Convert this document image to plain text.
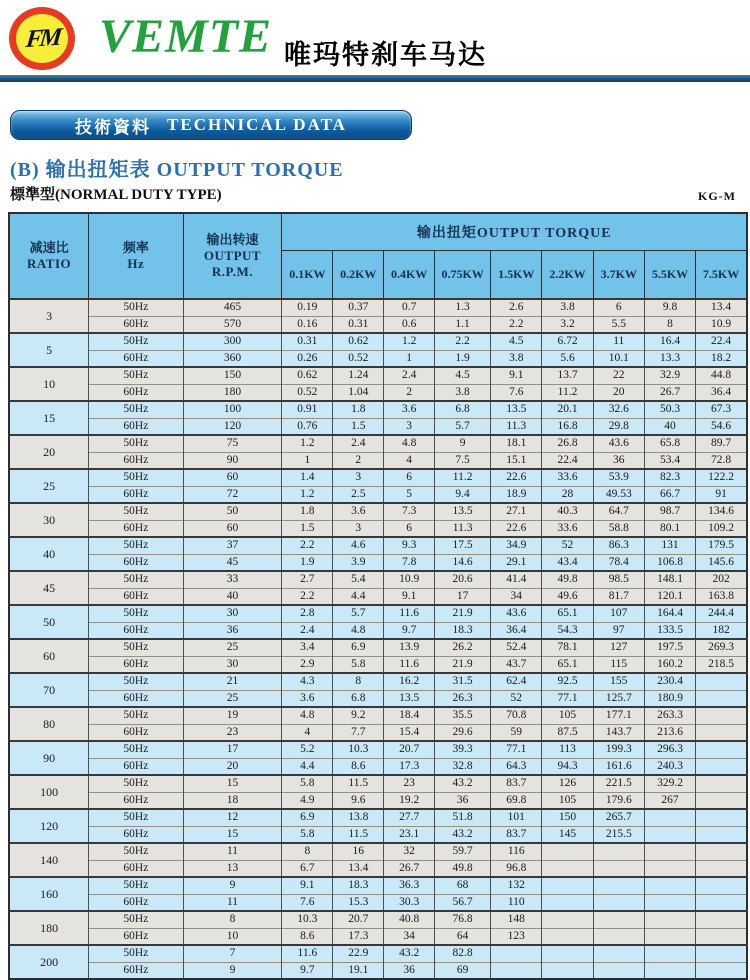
FM VEMTE 唯玛特刹车马达
技術資料 TECHNICAL DATA
(B) 输出扭矩表 OUTPUT TORQUE
標準型(NORMAL DUTY TYPE)	KG-M
减速比
RATIO

频率
Hz

输出转速
OUTPUT
R.P.M.
	输出扭矩OUTPUT TORQUE
			0.1KW	0.2KW	0.4KW	0.75KW	1.5KW	2.2KW	3.7KW	5.5KW	7.5KW
3	50Hz	465	0.19	0.37	0.7	1.3	2.6	3.8	6	9.8	13.4
	60Hz	570	0.16	0.31	0.6	1.1	2.2	3.2	5.5	8	10.9
5	50Hz	300	0.31	0.62	1.2	2.2	4.5	6.72	11	16.4	22.4
	60Hz	360	0.26	0.52	1	1.9	3.8	5.6	10.1	13.3	18.2
10	50Hz	150	0.62	1.24	2.4	4.5	9.1	13.7	22	32.9	44.8
	60Hz	180	0.52	1.04	2	3.8	7.6	11.2	20	26.7	36.4
15	50Hz	100	0.91	1.8	3.6	6.8	13.5	20.1	32.6	50.3	67.3
	60Hz	120	0.76	1.5	3	5.7	11.3	16.8	29.8	40	54.6
20	50Hz	75	1.2	2.4	4.8	9	18.1	26.8	43.6	65.8	89.7
	60Hz	90	1	2	4	7.5	15.1	22.4	36	53.4	72.8
25	50Hz	60	1.4	3	6	11.2	22.6	33.6	53.9	82.3	122.2
	60Hz	72	1.2	2.5	5	9.4	18.9	28	49.53	66.7	91
30	50Hz	50	1.8	3.6	7.3	13.5	27.1	40.3	64.7	98.7	134.6
	60Hz	60	1.5	3	6	11.3	22.6	33.6	58.8	80.1	109.2
40	50Hz	37	2.2	4.6	9.3	17.5	34.9	52	86.3	131	179.5
	60Hz	45	1.9	3.9	7.8	14.6	29.1	43.4	78.4	106.8	145.6
45	50Hz	33	2.7	5.4	10.9	20.6	41.4	49.8	98.5	148.1	202
	60Hz	40	2.2	4.4	9.1	17	34	49.6	81.7	120.1	163.8
50	50Hz	30	2.8	5.7	11.6	21.9	43.6	65.1	107	164.4	244.4
	60Hz	36	2.4	4.8	9.7	18.3	36.4	54.3	97	133.5	182
60	50Hz	25	3.4	6.9	13.9	26.2	52.4	78.1	127	197.5	269.3
	60Hz	30	2.9	5.8	11.6	21.9	43.7	65.1	115	160.2	218.5
70	50Hz	21	4.3	8	16.2	31.5	62.4	92.5	155	230.4	
	60Hz	25	3.6	6.8	13.5	26.3	52	77.1	125.7	180.9	
80	50Hz	19	4.8	9.2	18.4	35.5	70.8	105	177.1	263.3	
	60Hz	23	4	7.7	15.4	29.6	59	87.5	143.7	213.6	
90	50Hz	17	5.2	10.3	20.7	39.3	77.1	113	199.3	296.3	
	60Hz	20	4.4	8.6	17.3	32.8	64.3	94.3	161.6	240.3	
100	50Hz	15	5.8	11.5	23	43.2	83.7	126	221.5	329.2	
	60Hz	18	4.9	9.6	19.2	36	69.8	105	179.6	267	
120	50Hz	12	6.9	13.8	27.7	51.8	101	150	265.7		
	60Hz	15	5.8	11.5	23.1	43.2	83.7	145	215.5		
140	50Hz	11	8	16	32	59.7	116				
	60Hz	13	6.7	13.4	26.7	49.8	96.8				
160	50Hz	9	9.1	18.3	36.3	68	132				
	60Hz	11	7.6	15.3	30.3	56.7	110				
180	50Hz	8	10.3	20.7	40.8	76.8	148				
	60Hz	10	8.6	17.3	34	64	123				
200	50Hz	7	11.6	22.9	43.2	82.8					
	60Hz	9	9.7	19.1	36	69					
